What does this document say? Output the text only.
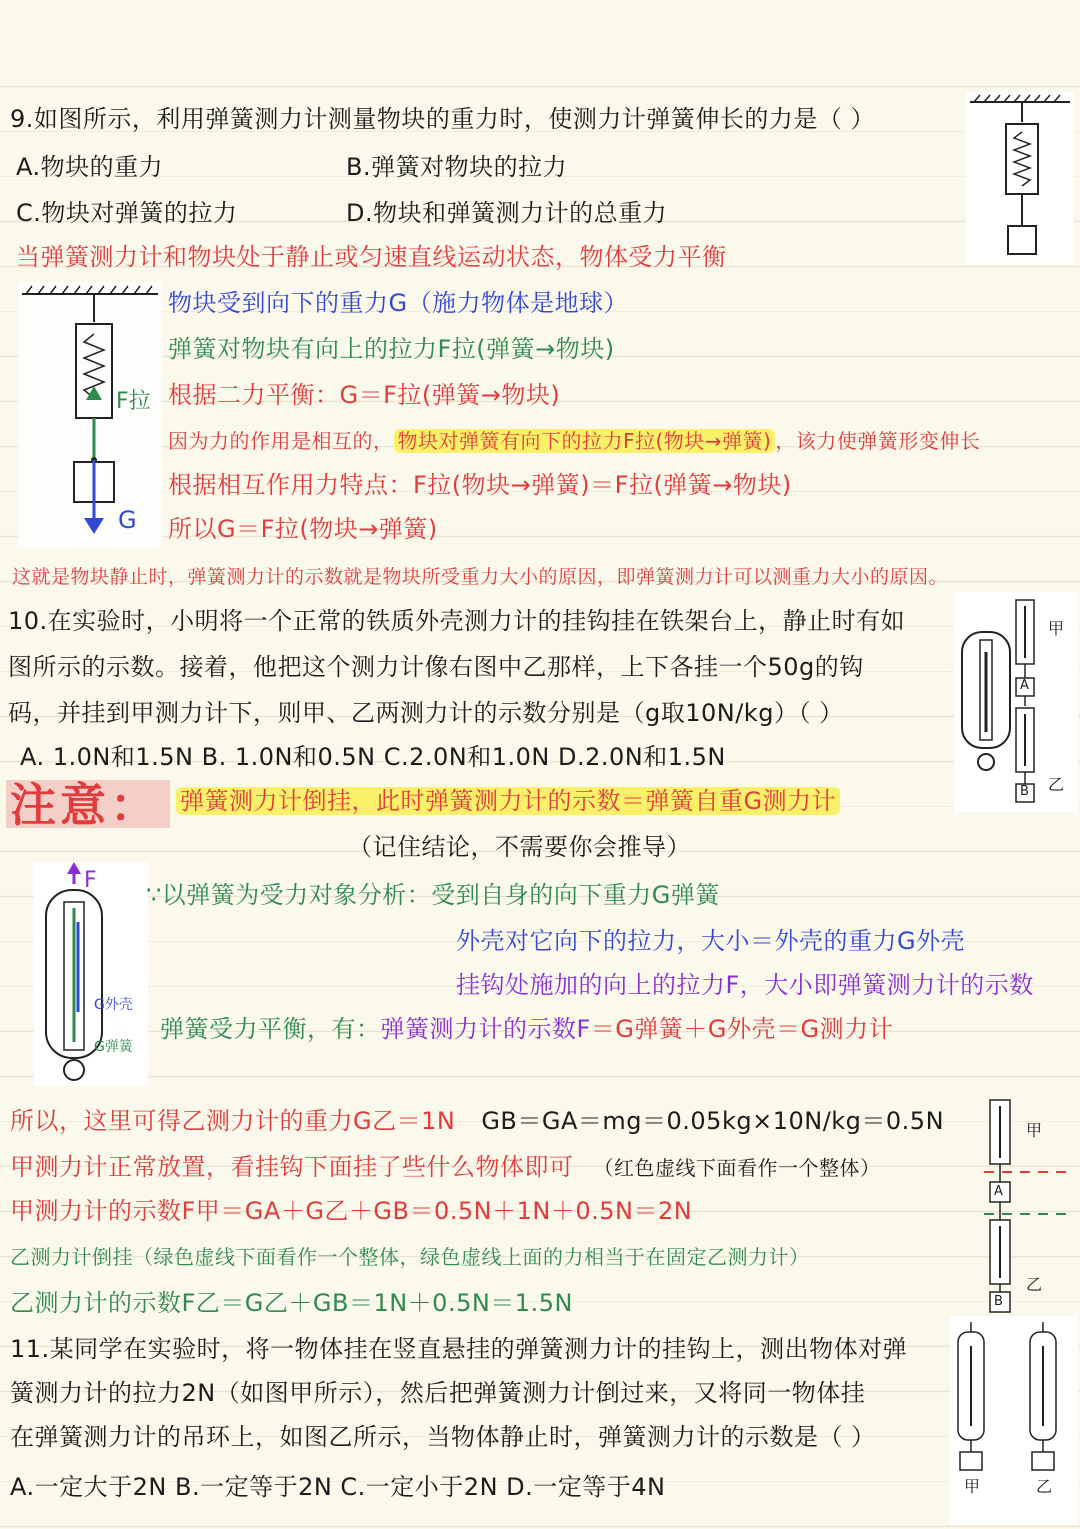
9.如图所示，利用弹簧测力计测量物块的重力时，使测力计弹簧伸长的力是（ ）
A.物块的重力	B.弹簧对物块的拉力
C.物块对弹簧的拉力	D.物块和弹簧测力计的总重力
当弹簧测力计和物块处于静止或匀速直线运动状态，物体受力平衡
F拉
G
物块受到向下的重力G（施力物体是地球）
弹簧对物块有向上的拉力F拉(弹簧→物块)
根据二力平衡：G＝F拉(弹簧→物块)
因为力的作用是相互的， 物块对弹簧有向下的拉力F拉(物块→弹簧) ，该力使弹簧形变伸长
根据相互作用力特点：F拉(物块→弹簧)＝F拉(弹簧→物块)
所以G＝F拉(物块→弹簧)
这就是物块静止时，弹簧测力计的示数就是物块所受重力大小的原因，即弹簧测力计可以测重力大小的原因。
10.在实验时，小明将一个正常的铁质外壳测力计的挂钩挂在铁架台上，静止时有如
图所示的示数。接着，他把这个测力计像右图中乙那样，上下各挂一个50g的钩
码，并挂到甲测力计下，则甲、乙两测力计的示数分别是（g取10N/kg）（ ）
A. 1.0N和1.5N B. 1.0N和0.5N C.2.0N和1.0N D.2.0N和1.5N
甲
A
乙
B
注意： 弹簧测力计倒挂，此时弹簧测力计的示数＝弹簧自重G测力计
（记住结论，不需要你会推导）
F
G外壳
G弹簧
∵以弹簧为受力对象分析：受到自身的向下重力G弹簧
外壳对它向下的拉力，大小＝外壳的重力G外壳
挂钩处施加的向上的拉力F，大小即弹簧测力计的示数
弹簧受力平衡，有：弹簧测力计的示数F＝G弹簧＋G外壳＝G测力计
所以，这里可得乙测力计的重力G乙＝1N GB＝GA＝mg＝0.05kg×10N/kg＝0.5N
甲测力计正常放置，看挂钩下面挂了些什么物体即可 （红色虚线下面看作一个整体）
甲测力计的示数F甲＝GA＋G乙＋GB＝0.5N＋1N＋0.5N＝2N
乙测力计倒挂（绿色虚线下面看作一个整体，绿色虚线上面的力相当于在固定乙测力计）
乙测力计的示数F乙＝G乙＋GB＝1N＋0.5N＝1.5N
甲
A
乙
B
11.某同学在实验时，将一物体挂在竖直悬挂的弹簧测力计的挂钩上，测出物体对弹
簧测力计的拉力2N（如图甲所示），然后把弹簧测力计倒过来，又将同一物体挂
在弹簧测力计的吊环上，如图乙所示，当物体静止时，弹簧测力计的示数是（ ）
A.一定大于2N B.一定等于2N C.一定小于2N D.一定等于4N	甲	乙
